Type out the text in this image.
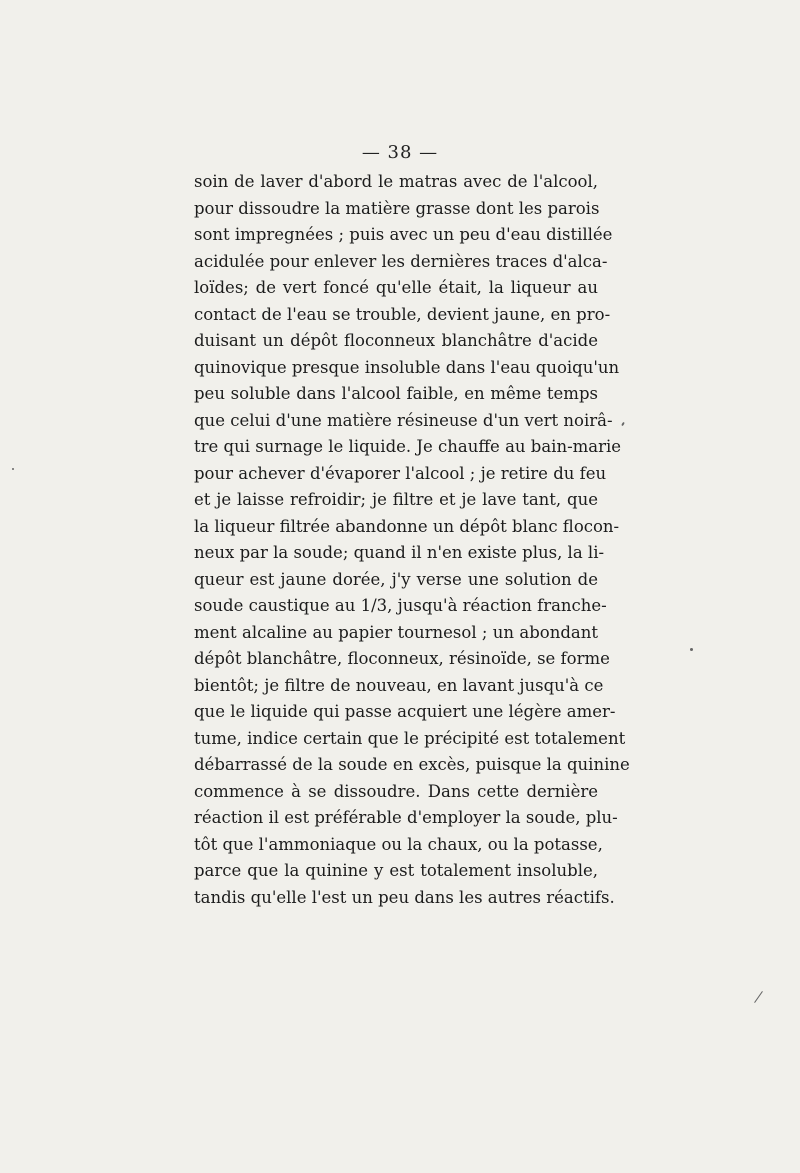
— 38 —
soin de laver d'abord le matras avec de l'alcool,
pour dissoudre la matière grasse dont les parois
sont impregnées ; puis avec un peu d'eau distillée
acidulée pour enlever les dernières traces d'alca-
loïdes; de vert foncé qu'elle était, la liqueur au
contact de l'eau se trouble, devient jaune, en pro-
duisant un dépôt floconneux blanchâtre d'acide
quinovique presque insoluble dans l'eau quoiqu'un
peu soluble dans l'alcool faible, en même temps
que celui d'une matière résineuse d'un vert noirâ-
tre qui surnage le liquide. Je chauffe au bain-marie
pour achever d'évaporer l'alcool ; je retire du feu
et je laisse refroidir; je filtre et je lave tant, que
la liqueur filtrée abandonne un dépôt blanc flocon-
neux par la soude; quand il n'en existe plus, la li-
queur est jaune dorée, j'y verse une solution de
soude caustique au 1/3, jusqu'à réaction franche-
ment alcaline au papier tournesol ; un abondant
dépôt blanchâtre, floconneux, résinoïde, se forme
bientôt; je filtre de nouveau, en lavant jusqu'à ce
que le liquide qui passe acquiert une légère amer-
tume, indice certain que le précipité est totalement
débarrassé de la soude en excès, puisque la quinine
commence à se dissoudre. Dans cette dernière
réaction il est préférable d'employer la soude, plu-
tôt que l'ammoniaque ou la chaux, ou la potasse,
parce que la quinine y est totalement insoluble,
tandis qu'elle l'est un peu dans les autres réactifs.
